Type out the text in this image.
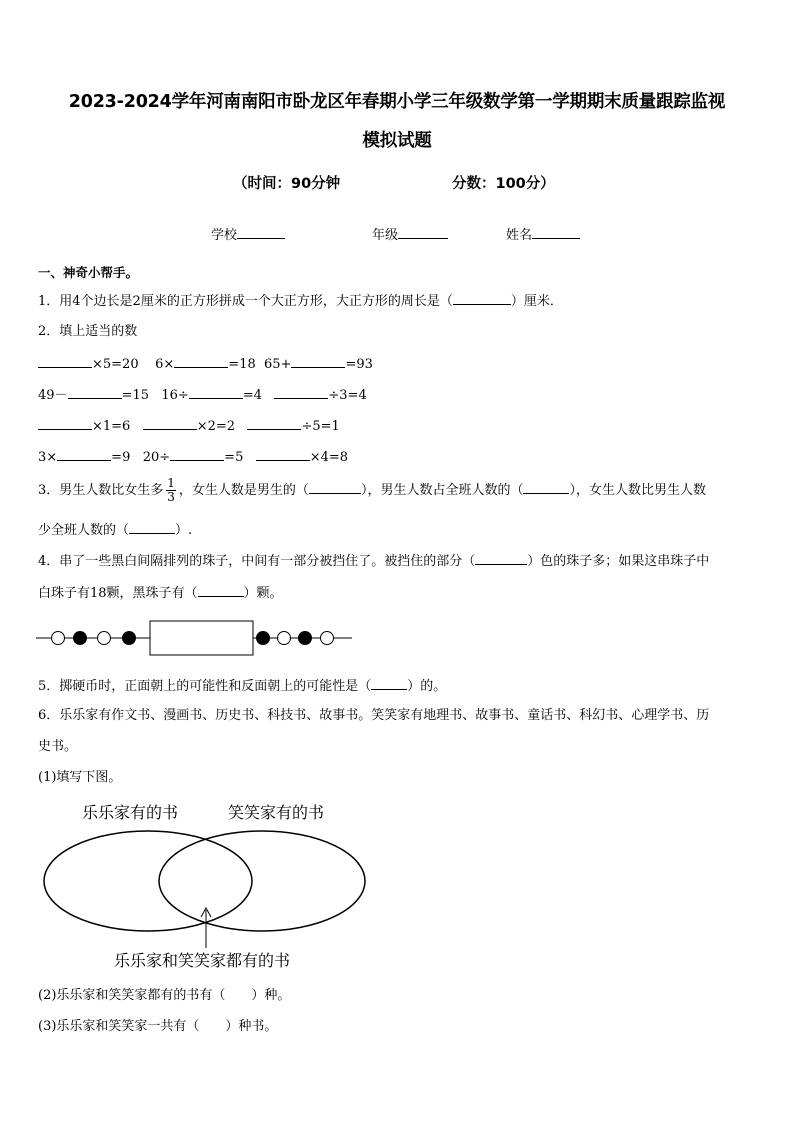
2023-2024学年河南南阳市卧龙区年春期小学三年级数学第一学期期末质量跟踪监视
模拟试题
（时间：90分钟	分数：100分）
学校	年级	姓名
一、神奇小帮手。
1．用4个边长是2厘米的正方形拼成一个大正方形，大正方形的周长是（	）厘米．
2．填上适当的数
×5=20    6×	=18  65+	=93
49－	=15   16÷	=4	÷3=4
×1=6	×2=2	÷5=1
3×	=9   20÷	=5	×4=8
3．男生人数比女生多 $\frac{1}{3}$ ，女生人数是男生的（	），男生人数占全班人数的（	），女生人数比男生人数
少全班人数的（	）.
4．串了一些黑白间隔排列的珠子，中间有一部分被挡住了。被挡住的部分（	）色的珠子多；如果这串珠子中
白珠子有18颗，黑珠子有（	）颗。
5．掷硬币时，正面朝上的可能性和反面朝上的可能性是（	）的。
6．乐乐家有作文书、漫画书、历史书、科技书、故事书。笑笑家有地理书、故事书、童话书、科幻书、心理学书、历
史书。
(1)填写下图。
乐乐家有的书	笑笑家有的书
乐乐家和笑笑家都有的书
(2)乐乐家和笑笑家都有的书有（　　）种。
(3)乐乐家和笑笑家一共有（　　）种书。
